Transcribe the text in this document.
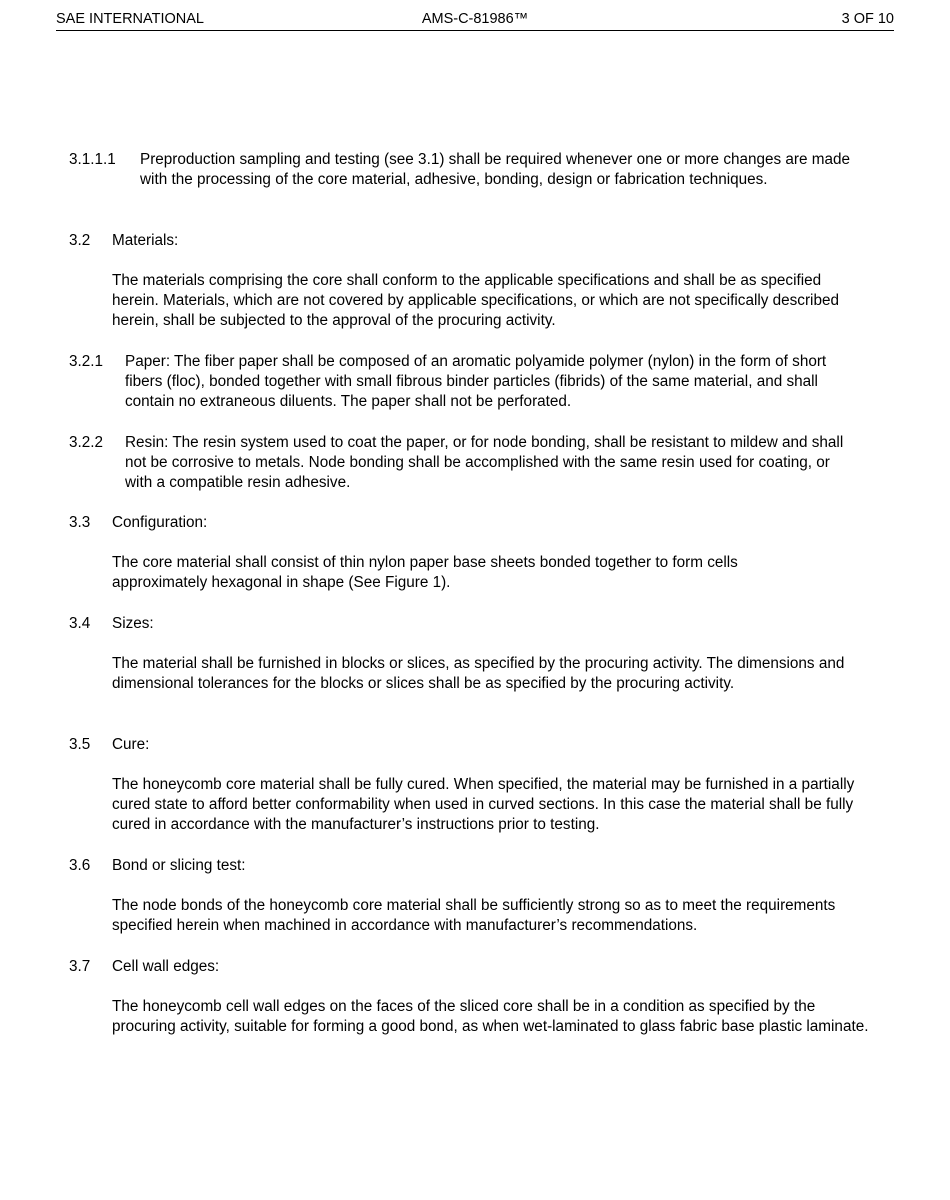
SAE INTERNATIONAL	AMS-C-81986™	3 OF 10
3.1.1.1 Preproduction sampling and testing (see 3.1) shall be required whenever one or more changes are made with the processing of the core material, adhesive, bonding, design or fabrication techniques.

3.2 Materials:

The materials comprising the core shall conform to the applicable specifications and shall be as specified herein. Materials, which are not covered by applicable specifications, or which are not specifically described herein, shall be subjected to the approval of the procuring activity.

3.2.1 Paper: The fiber paper shall be composed of an aromatic polyamide polymer (nylon) in the form of short fibers (floc), bonded together with small fibrous binder particles (fibrids) of the same material, and shall contain no extraneous diluents. The paper shall not be perforated.

3.2.2 Resin: The resin system used to coat the paper, or for node bonding, shall be resistant to mildew and shall not be corrosive to metals. Node bonding shall be accomplished with the same resin used for coating, or with a compatible resin adhesive.

3.3 Configuration:

The core material shall consist of thin nylon paper base sheets bonded together to form cells approximately hexagonal in shape (See Figure 1).

3.4 Sizes:

The material shall be furnished in blocks or slices, as specified by the procuring activity. The dimensions and dimensional tolerances for the blocks or slices shall be as specified by the procuring activity.

3.5 Cure:

The honeycomb core material shall be fully cured. When specified, the material may be furnished in a partially cured state to afford better conformability when used in curved sections. In this case the material shall be fully cured in accordance with the manufacturer’s instructions prior to testing.

3.6 Bond or slicing test:

The node bonds of the honeycomb core material shall be sufficiently strong so as to meet the requirements specified herein when machined in accordance with manufacturer’s recommendations.

3.7 Cell wall edges:

The honeycomb cell wall edges on the faces of the sliced core shall be in a condition as specified by the procuring activity, suitable for forming a good bond, as when wet-laminated to glass fabric base plastic laminate.
